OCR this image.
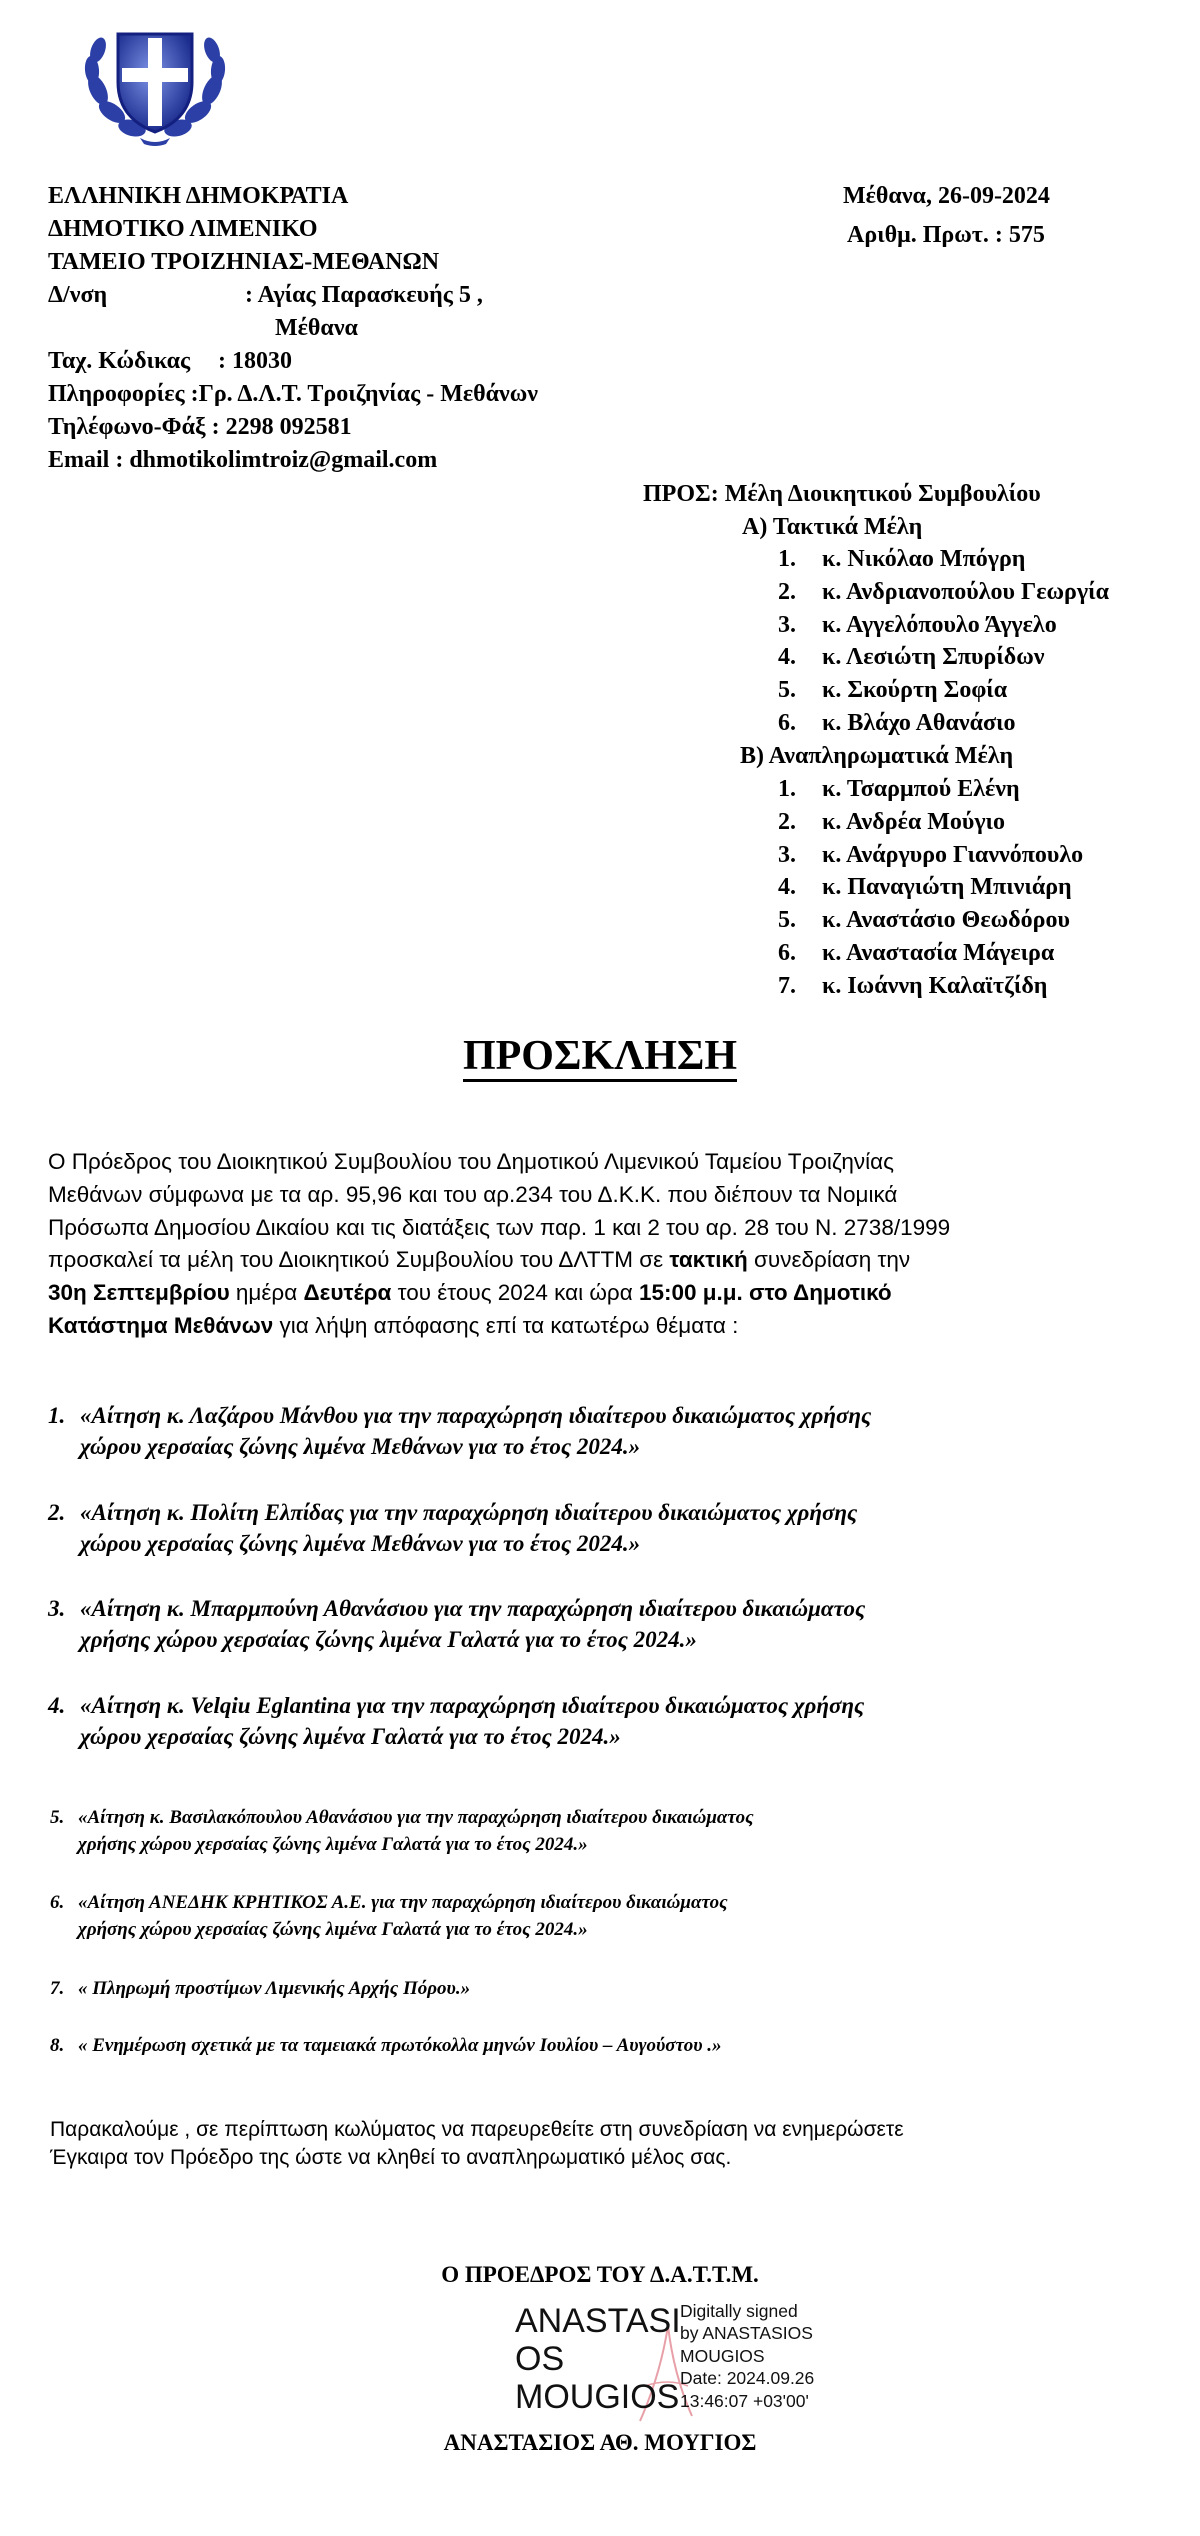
ΕΛΛΗΝΙΚΗ ΔΗΜΟΚΡΑΤΙΑ
ΔΗΜΟΤΙΚΟ ΛΙΜΕΝΙΚΟ
ΤΑΜΕΙΟ ΤΡΟΙΖΗΝΙΑΣ-ΜΕΘΑΝΩΝ
Δ/νση	: Αγίας Παρασκευής 5 ,
Μέθανα
Ταχ. Κώδικας : 18030
Πληροφορίες :Γρ. Δ.Λ.Τ. Τροιζηνίας - Μεθάνων
Τηλέφωνο-Φάξ : 2298 092581
Email : dhmotikolimtroiz@gmail.com
Μέθανα, 26-09-2024
Αριθμ. Πρωτ. : 575
ΠΡΟΣ: Μέλη Διοικητικού Συμβουλίου
Α) Τακτικά Μέλη
1. κ. Νικόλαο Μπόγρη
2. κ. Ανδριανοπούλου Γεωργία
3. κ. Αγγελόπουλο Άγγελο
4. κ. Λεσιώτη Σπυρίδων
5. κ. Σκούρτη Σοφία
6. κ. Βλάχο Αθανάσιο
Β) Αναπληρωματικά Μέλη
1. κ. Τσαρμπού Ελένη
2. κ. Ανδρέα Μούγιο
3. κ. Ανάργυρο Γιαννόπουλο
4. κ. Παναγιώτη Μπινιάρη
5. κ. Αναστάσιο Θεωδόρου
6. κ. Αναστασία Μάγειρα
7. κ. Ιωάννη Καλαϊτζίδη
ΠΡΟΣΚΛΗΣΗ
Ο Πρόεδρος του Διοικητικού Συμβουλίου του Δημοτικού Λιμενικού Ταμείου Τροιζηνίας
Μεθάνων σύμφωνα με τα αρ. 95,96 και του αρ.234 του Δ.Κ.Κ. που διέπουν τα Νομικά
Πρόσωπα Δημοσίου Δικαίου και τις διατάξεις των παρ. 1 και 2 του αρ. 28 του Ν. 2738/1999
προσκαλεί τα μέλη του Διοικητικού Συμβουλίου του ΔΛΤΤΜ σε τακτική συνεδρίαση την
30η Σεπτεμβρίου ημέρα Δευτέρα του έτους 2024 και ώρα 15:00 μ.μ. στο Δημοτικό
Κατάστημα Μεθάνων για λήψη απόφασης επί τα κατωτέρω θέματα :
1. «Αίτηση κ. Λαζάρου Μάνθου για την παραχώρηση ιδιαίτερου δικαιώματος χρήσης
χώρου χερσαίας ζώνης λιμένα Μεθάνων για το έτος 2024.»
2. «Αίτηση κ. Πολίτη Ελπίδας για την παραχώρηση ιδιαίτερου δικαιώματος χρήσης
χώρου χερσαίας ζώνης λιμένα Μεθάνων για το έτος 2024.»
3. «Αίτηση κ. Μπαρμπούνη Αθανάσιου για την παραχώρηση ιδιαίτερου δικαιώματος
χρήσης χώρου χερσαίας ζώνης λιμένα Γαλατά για το έτος 2024.»
4. «Αίτηση κ. Velqiu Eglantina για την παραχώρηση ιδιαίτερου δικαιώματος χρήσης
χώρου χερσαίας ζώνης λιμένα Γαλατά για το έτος 2024.»
5. «Αίτηση κ. Βασιλακόπουλου Αθανάσιου για την παραχώρηση ιδιαίτερου δικαιώματος
χρήσης χώρου χερσαίας ζώνης λιμένα Γαλατά για το έτος 2024.»
6. «Αίτηση ΑΝΕΔΗΚ ΚΡΗΤΙΚΟΣ Α.Ε. για την παραχώρηση ιδιαίτερου δικαιώματος
χρήσης χώρου χερσαίας ζώνης λιμένα Γαλατά για το έτος 2024.»
7. « Πληρωμή προστίμων Λιμενικής Αρχής Πόρου.»
8. « Ενημέρωση σχετικά με τα ταμειακά πρωτόκολλα μηνών Ιουλίου – Αυγούστου .»
Παρακαλούμε , σε περίπτωση κωλύματος να παρευρεθείτε στη συνεδρίαση να ενημερώσετε
Έγκαιρα τον Πρόεδρο της ώστε να κληθεί το αναπληρωματικό μέλος σας.
Ο ΠΡΟΕΔΡΟΣ ΤΟΥ Δ.Α.Τ.Τ.Μ.
ANASTASI
OS
MOUGIOS
Digitally signed
by ANASTASIOS
MOUGIOS
Date: 2024.09.26
13:46:07 +03'00'
ΑΝΑΣΤΑΣΙΟΣ ΑΘ. ΜΟΥΓΙΟΣ
